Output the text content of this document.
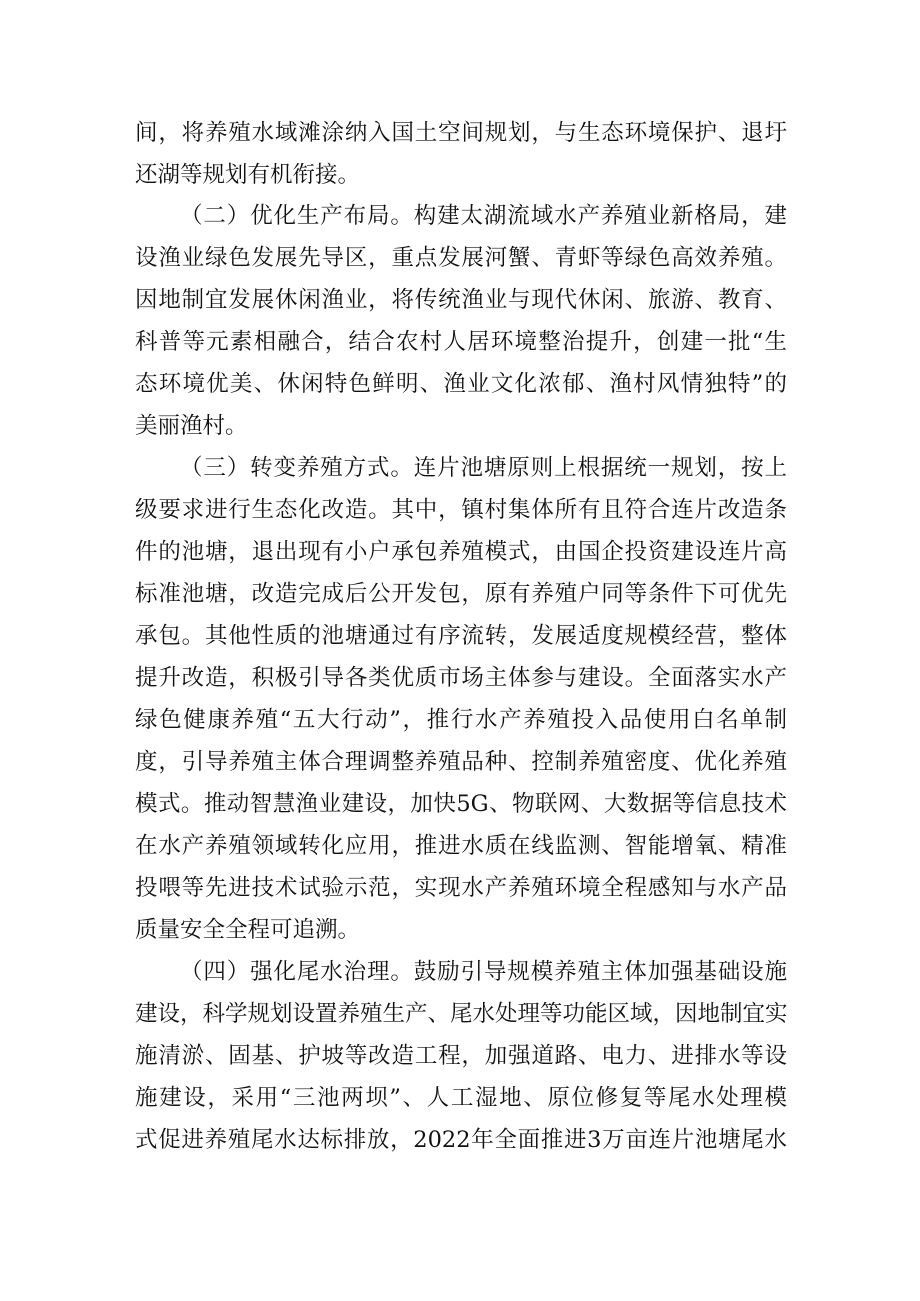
间，将养殖水域滩涂纳入国土空间规划，与生态环境保护、退圩
还湖等规划有机衔接。
（二）优化生产布局。构建太湖流域水产养殖业新格局，建
设渔业绿色发展先导区，重点发展河蟹、青虾等绿色高效养殖。
因地制宜发展休闲渔业，将传统渔业与现代休闲、旅游、教育、
科普等元素相融合，结合农村人居环境整治提升，创建一批“生
态环境优美、休闲特色鲜明、渔业文化浓郁、渔村风情独特”的
美丽渔村。
（三）转变养殖方式。连片池塘原则上根据统一规划，按上
级要求进行生态化改造。其中，镇村集体所有且符合连片改造条
件的池塘，退出现有小户承包养殖模式，由国企投资建设连片高
标准池塘，改造完成后公开发包，原有养殖户同等条件下可优先
承包。其他性质的池塘通过有序流转，发展适度规模经营，整体
提升改造，积极引导各类优质市场主体参与建设。全面落实水产
绿色健康养殖“五大行动”，推行水产养殖投入品使用白名单制
度，引导养殖主体合理调整养殖品种、控制养殖密度、优化养殖
模式。推动智慧渔业建设，加快5G、物联网、大数据等信息技术
在水产养殖领域转化应用，推进水质在线监测、智能增氧、精准
投喂等先进技术试验示范，实现水产养殖环境全程感知与水产品
质量安全全程可追溯。
（四）强化尾水治理。鼓励引导规模养殖主体加强基础设施
建设，科学规划设置养殖生产、尾水处理等功能区域，因地制宜实
施清淤、固基、护坡等改造工程，加强道路、电力、进排水等设
施建设，采用“三池两坝”、人工湿地、原位修复等尾水处理模
式促进养殖尾水达标排放，2022年全面推进3万亩连片池塘尾水
